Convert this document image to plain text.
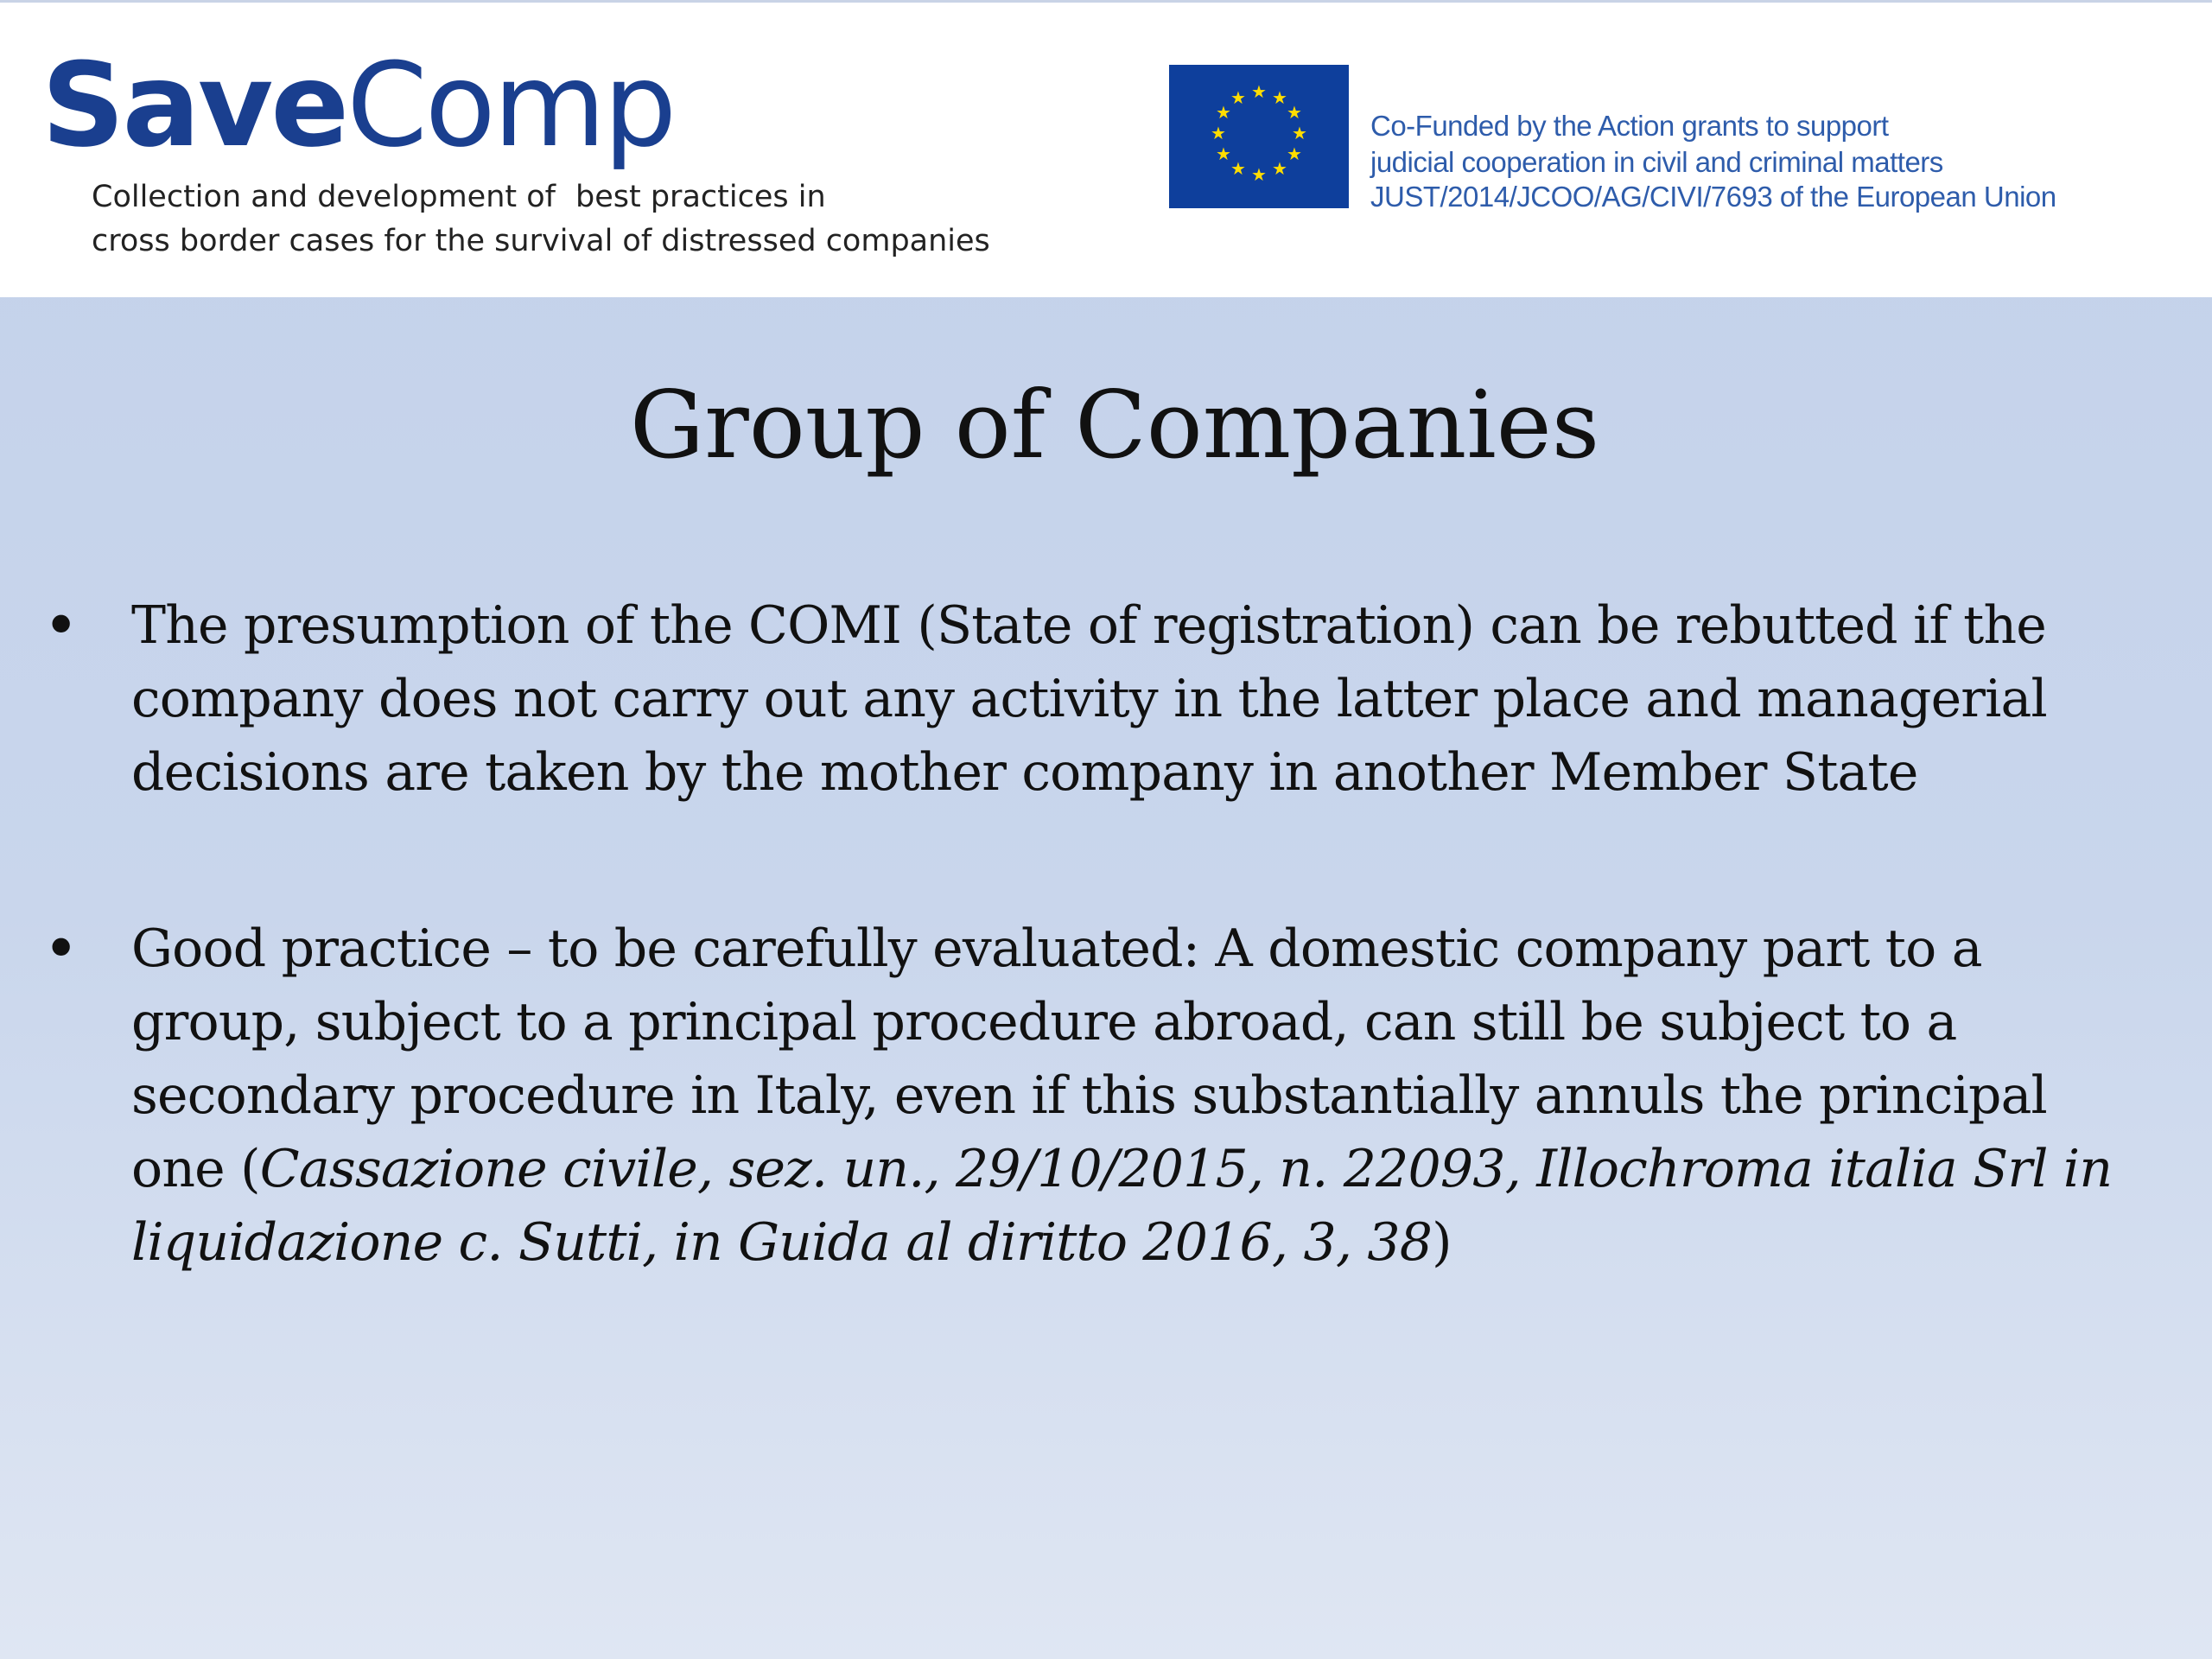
SaveComp
Collection and development of best practices in
cross border cases for the survival of distressed companies
★ ★
★
★
★
★
★
★
★
★
★
★
Co-Funded by the Action grants to support
judicial cooperation in civil and criminal matters
JUST/2014/JCOO/AG/CIVI/7693 of the European Union
Group of Companies
• The presumption of the COMI (State of registration) can be rebutted if the
company does not carry out any activity in the latter place and managerial
decisions are taken by the mother company in another Member State
• Good practice – to be carefully evaluated: A domestic company part to a
group, subject to a principal procedure abroad, can still be subject to a
secondary procedure in Italy, even if this substantially annuls the principal
one (Cassazione civile, sez. un., 29/10/2015, n. 22093, Illochroma italia Srl in
liquidazione c. Sutti, in Guida al diritto 2016, 3, 38)
